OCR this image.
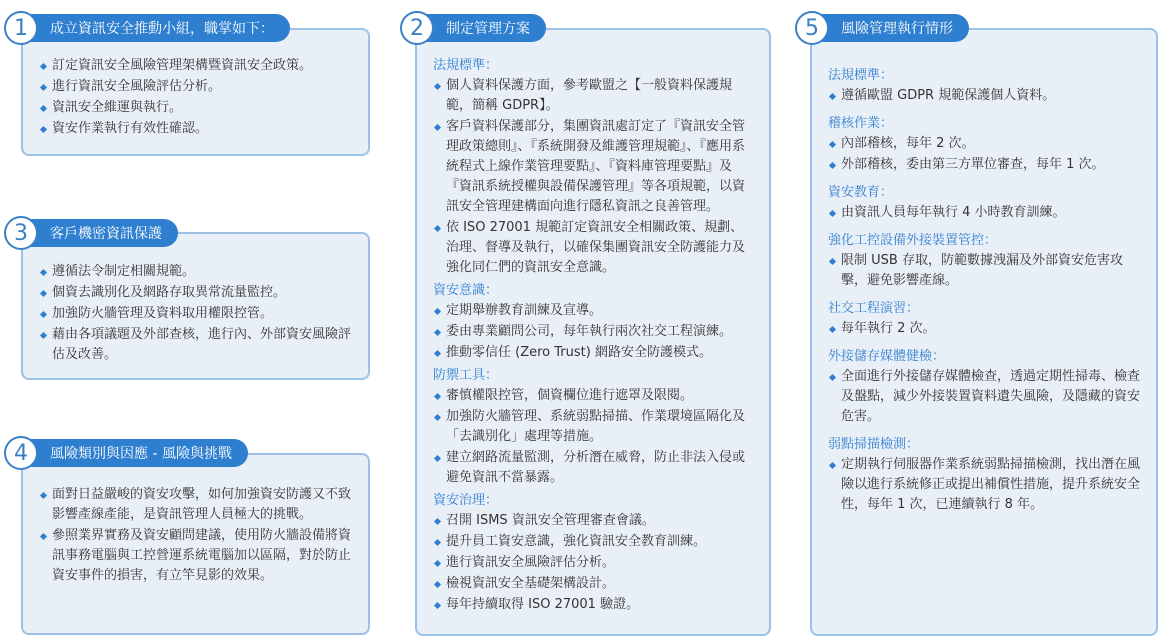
訂定資訊安全風險管理架構暨資訊安全政策。
進行資訊安全風險評估分析。
資訊安全維運與執行。
資安作業執行有效性確認。
1	成立資訊安全推動小組，職掌如下：
遵循法令制定相關規範。
個資去識別化及網路存取異常流量監控。
加強防火牆管理及資料取用權限控管。
藉由各項議題及外部查核，進行內、外部資安風險評估及改善。
3	客戶機密資訊保護
面對日益嚴峻的資安攻擊，如何加強資安防護又不致影響產線產能，是資訊管理人員極大的挑戰。
參照業界實務及資安顧問建議，使用防火牆設備將資訊事務電腦與工控營運系統電腦加以區隔，對於防止資安事件的損害，有立竿見影的效果。
4	風險類別與因應 - 風險與挑戰
法規標準：
個人資料保護方面，參考歐盟之【一般資料保護規範，簡稱 GDPR】。
客戶資料保護部分，集團資訊處訂定了『資訊安全管理政策總則』、『系統開發及維護管理規範』、『應用系統程式上線作業管理要點』、『資料庫管理要點』及『資訊系統授權與設備保護管理』等各項規範，以資訊安全管理建構面向進行隱私資訊之良善管理。
依 ISO 27001 規範訂定資訊安全相關政策、規劃、治理、督導及執行，以確保集團資訊安全防護能力及強化同仁們的資訊安全意識。
資安意識：
定期舉辦教育訓練及宣導。
委由專業顧問公司，每年執行兩次社交工程演練。
推動零信任 (Zero Trust) 網路安全防護模式。
防禦工具：
審慎權限控管，個資欄位進行遮罩及限閱。
加強防火牆管理、系統弱點掃描、作業環境區隔化及「去識別化」處理等措施。
建立網路流量監測，分析潛在威脅，防止非法入侵或避免資訊不當暴露。
資安治理：
召開 ISMS 資訊安全管理審查會議。
提升員工資安意識，強化資訊安全教育訓練。
進行資訊安全風險評估分析。
檢視資訊安全基礎架構設計。
每年持續取得 ISO 27001 驗證。
2	制定管理方案
法規標準：
遵循歐盟 GDPR 規範保護個人資料。
稽核作業：
內部稽核，每年 2 次。
外部稽核，委由第三方單位審查，每年 1 次。
資安教育：
由資訊人員每年執行 4 小時教育訓練。
強化工控設備外接裝置管控：
限制 USB 存取，防範數據洩漏及外部資安危害攻擊，避免影響產線。
社交工程演習：
每年執行 2 次。
外接儲存媒體健檢：
全面進行外接儲存媒體檢查，透過定期性掃毒、檢查及盤點，減少外接裝置資料遺失風險，及隱藏的資安危害。
弱點掃描檢測：
定期執行伺服器作業系統弱點掃描檢測，找出潛在風險以進行系統修正或提出補償性措施，提升系統安全性，每年 1 次，已連續執行 8 年。
5	風險管理執行情形
